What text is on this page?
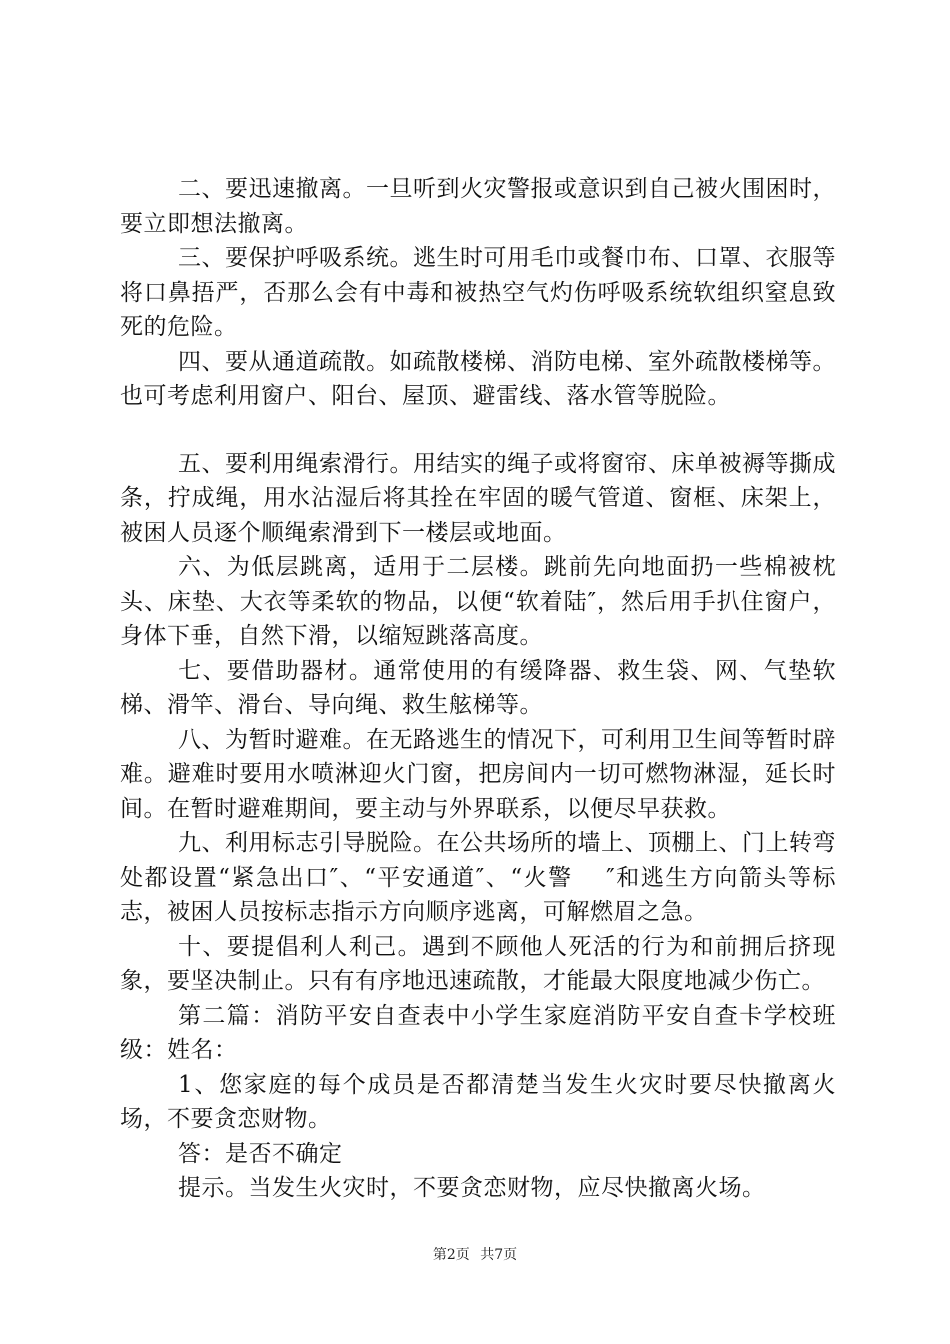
二、要迅速撤离。一旦听到火灾警报或意识到自己被火围困时，要立即想法撤离。

三、要保护呼吸系统。逃生时可用毛巾或餐巾布、口罩、衣服等将口鼻捂严，否那么会有中毒和被热空气灼伤呼吸系统软组织窒息致死的危险。

四、要从通道疏散。如疏散楼梯、消防电梯、室外疏散楼梯等。也可考虑利用窗户、阳台、屋顶、避雷线、落水管等脱险。

五、要利用绳索滑行。用结实的绳子或将窗帘、床单被褥等撕成条，拧成绳，用水沾湿后将其拴在牢固的暖气管道、窗框、床架上，被困人员逐个顺绳索滑到下一楼层或地面。

六、为低层跳离，适用于二层楼。跳前先向地面扔一些棉被枕头、床垫、大衣等柔软的物品，以便“软着陆″，然后用手扒住窗户，身体下垂，自然下滑，以缩短跳落高度。

七、要借助器材。通常使用的有缓降器、救生袋、网、气垫软梯、滑竿、滑台、导向绳、救生舷梯等。

八、为暂时避难。在无路逃生的情况下，可利用卫生间等暂时辟难。避难时要用水喷淋迎火门窗，把房间内一切可燃物淋湿，延长时间。在暂时避难期间，要主动与外界联系，以便尽早获救。

九、利用标志引导脱险。在公共场所的墙上、顶棚上、门上转弯处都设置“紧急出口″、“平安通道″、“火警　 ″和逃生方向箭头等标志，被困人员按标志指示方向顺序逃离，可解燃眉之急。

十、要提倡利人利己。遇到不顾他人死活的行为和前拥后挤现象，要坚决制止。只有有序地迅速疏散，才能最大限度地减少伤亡。

第二篇：消防平安自查表中小学生家庭消防平安自查卡学校班级：姓名：

1、您家庭的每个成员是否都清楚当发生火灾时要尽快撤离火场，不要贪恋财物。

答：是否不确定

提示。当发生火灾时，不要贪恋财物，应尽快撤离火场。

第2页 共7页
